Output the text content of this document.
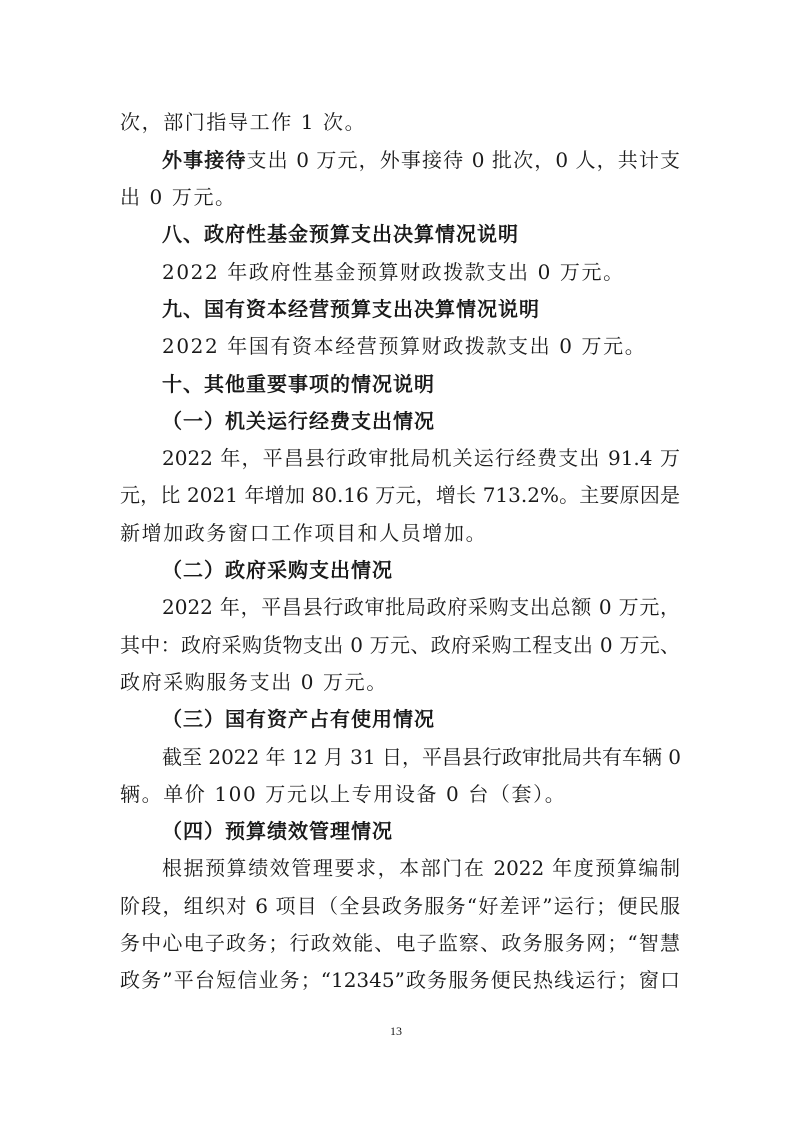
次，部门指导工作 1 次。
外事接待支出 0 万元，外事接待 0 批次，0 人，共计支
出 0 万元。
八、政府性基金预算支出决算情况说明
2022 年政府性基金预算财政拨款支出 0 万元。
九、国有资本经营预算支出决算情况说明
2022 年国有资本经营预算财政拨款支出 0 万元。
十、其他重要事项的情况说明
（一）机关运行经费支出情况
2022 年，平昌县行政审批局机关运行经费支出 91.4 万
元，比 2021 年增加 80.16 万元，增长 713.2%。主要原因是
新增加政务窗口工作项目和人员增加。
（二）政府采购支出情况
2022 年，平昌县行政审批局政府采购支出总额 0 万元，
其中：政府采购货物支出 0 万元、政府采购工程支出 0 万元、
政府采购服务支出 0 万元。
（三）国有资产占有使用情况
截至 2022 年 12 月 31 日，平昌县行政审批局共有车辆 0
辆。单价 100 万元以上专用设备 0 台（套）。
（四）预算绩效管理情况
根据预算绩效管理要求，本部门在 2022 年度预算编制
阶段，组织对 6 项目（全县政务服务“好差评”运行；便民服
务中心电子政务；行政效能、电子监察、政务服务网；“智慧
政务”平台短信业务；“12345”政务服务便民热线运行；窗口
13
